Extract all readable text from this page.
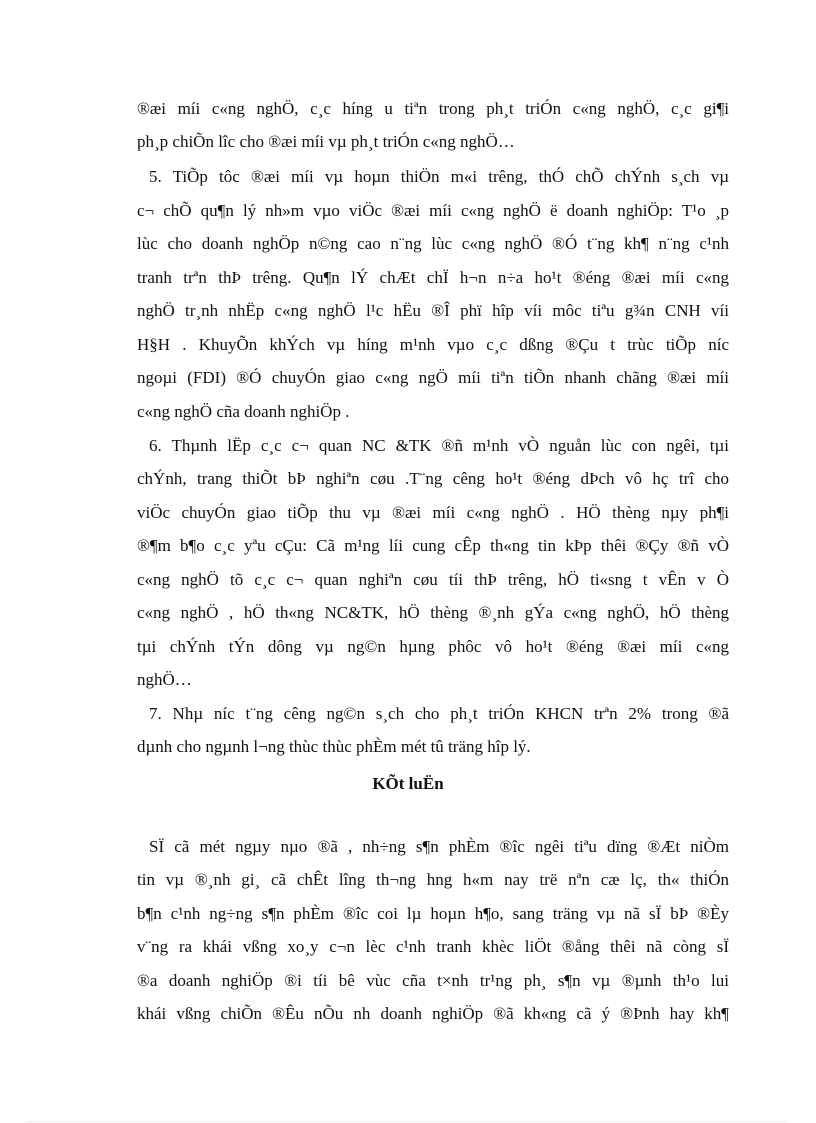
®æi míi c«ng nghÖ, c¸c híng u tiªn trong ph¸t triÓn c«ng nghÖ, c¸c gi¶i
ph¸p chiÕn lîc cho ®æi míi vµ ph¸t triÓn c«ng nghÖ…
5. TiÕp tôc ®æi míi vµ hoµn thiÖn m«i trêng, thÓ chÕ chÝnh s¸ch vµ
c¬ chÕ qu¶n lý nh»m vµo viÖc ®æi míi c«ng nghÖ ë doanh nghiÖp: T¹o ¸p
lùc cho doanh nghÖp n©ng cao n¨ng lùc c«ng nghÖ ®Ó t¨ng kh¶ n¨ng c¹nh
tranh trªn thÞ trêng. Qu¶n lÝ chÆt chÏ h¬n n÷a ho¹t ®éng ®æi míi c«ng
nghÖ tr¸nh nhËp c«ng nghÖ l¹c hËu ®Î phï hîp víi môc tiªu g¾n CNH víi
H§H . KhuyÕn khÝch vµ híng m¹nh vµo c¸c dßng ®Çu t trùc tiÕp níc
ngoµi (FDI) ®Ó chuyÓn giao c«ng ngÖ míi tiªn tiÕn nhanh chãng ®æi míi
c«ng nghÖ cña doanh nghiÖp .
6. Thµnh lËp c¸c c¬ quan NC &TK ®ñ m¹nh vÒ nguån lùc con ngêi, tµi
chÝnh, trang thiÕt bÞ nghiªn cøu .T¨ng cêng ho¹t ®éng dÞch vô hç trî cho
viÖc chuyÓn giao tiÕp thu vµ ®æi míi c«ng nghÖ . HÖ thèng nµy ph¶i
®¶m b¶o c¸c yªu cÇu: Cã m¹ng líi cung cÊp th«ng tin kÞp thêi ®Çy ®ñ vÒ
c«ng nghÖ tõ c¸c c¬ quan nghiªn cøu tíi thÞ trêng, hÖ ti«sng t vÊn v Ò
c«ng nghÖ , hÖ th«ng NC&TK, hÖ thèng ®¸nh gÝa c«ng nghÖ, hÖ thèng
tµi chÝnh tÝn dông vµ ng©n hµng phôc vô ho¹t ®éng ®æi míi c«ng
nghÖ…
7. Nhµ níc t¨ng cêng ng©n s¸ch cho ph¸t triÓn KHCN trªn 2% trong ®ã
dµnh cho ngµnh l¬ng thùc thùc phÈm mét tû träng hîp lý.
KÕt luËn
SÏ cã mét ngµy nµo ®ã , nh÷ng s¶n phÈm ®îc ngêi tiªu dïng ®Æt niÒm
tin vµ ®¸nh gi¸ cã chÊt lîng th¬ng hng h«m nay trë nªn cæ lç, th« thiÓn
b¶n c¹nh ng÷ng s¶n phÈm ®îc coi lµ hoµn h¶o, sang träng vµ nã sÏ bÞ ®Èy
v¨ng ra khái vßng xo¸y c¬n lèc c¹nh tranh khèc liÖt ®ång thêi nã còng sÏ
®a doanh nghiÖp ®i tíi bê vùc cña t×nh tr¹ng ph¸ s¶n vµ ®µnh th¹o lui
khái vßng chiÕn ®Êu nÕu nh doanh nghiÖp ®ã kh«ng cã ý ®Þnh hay kh¶
